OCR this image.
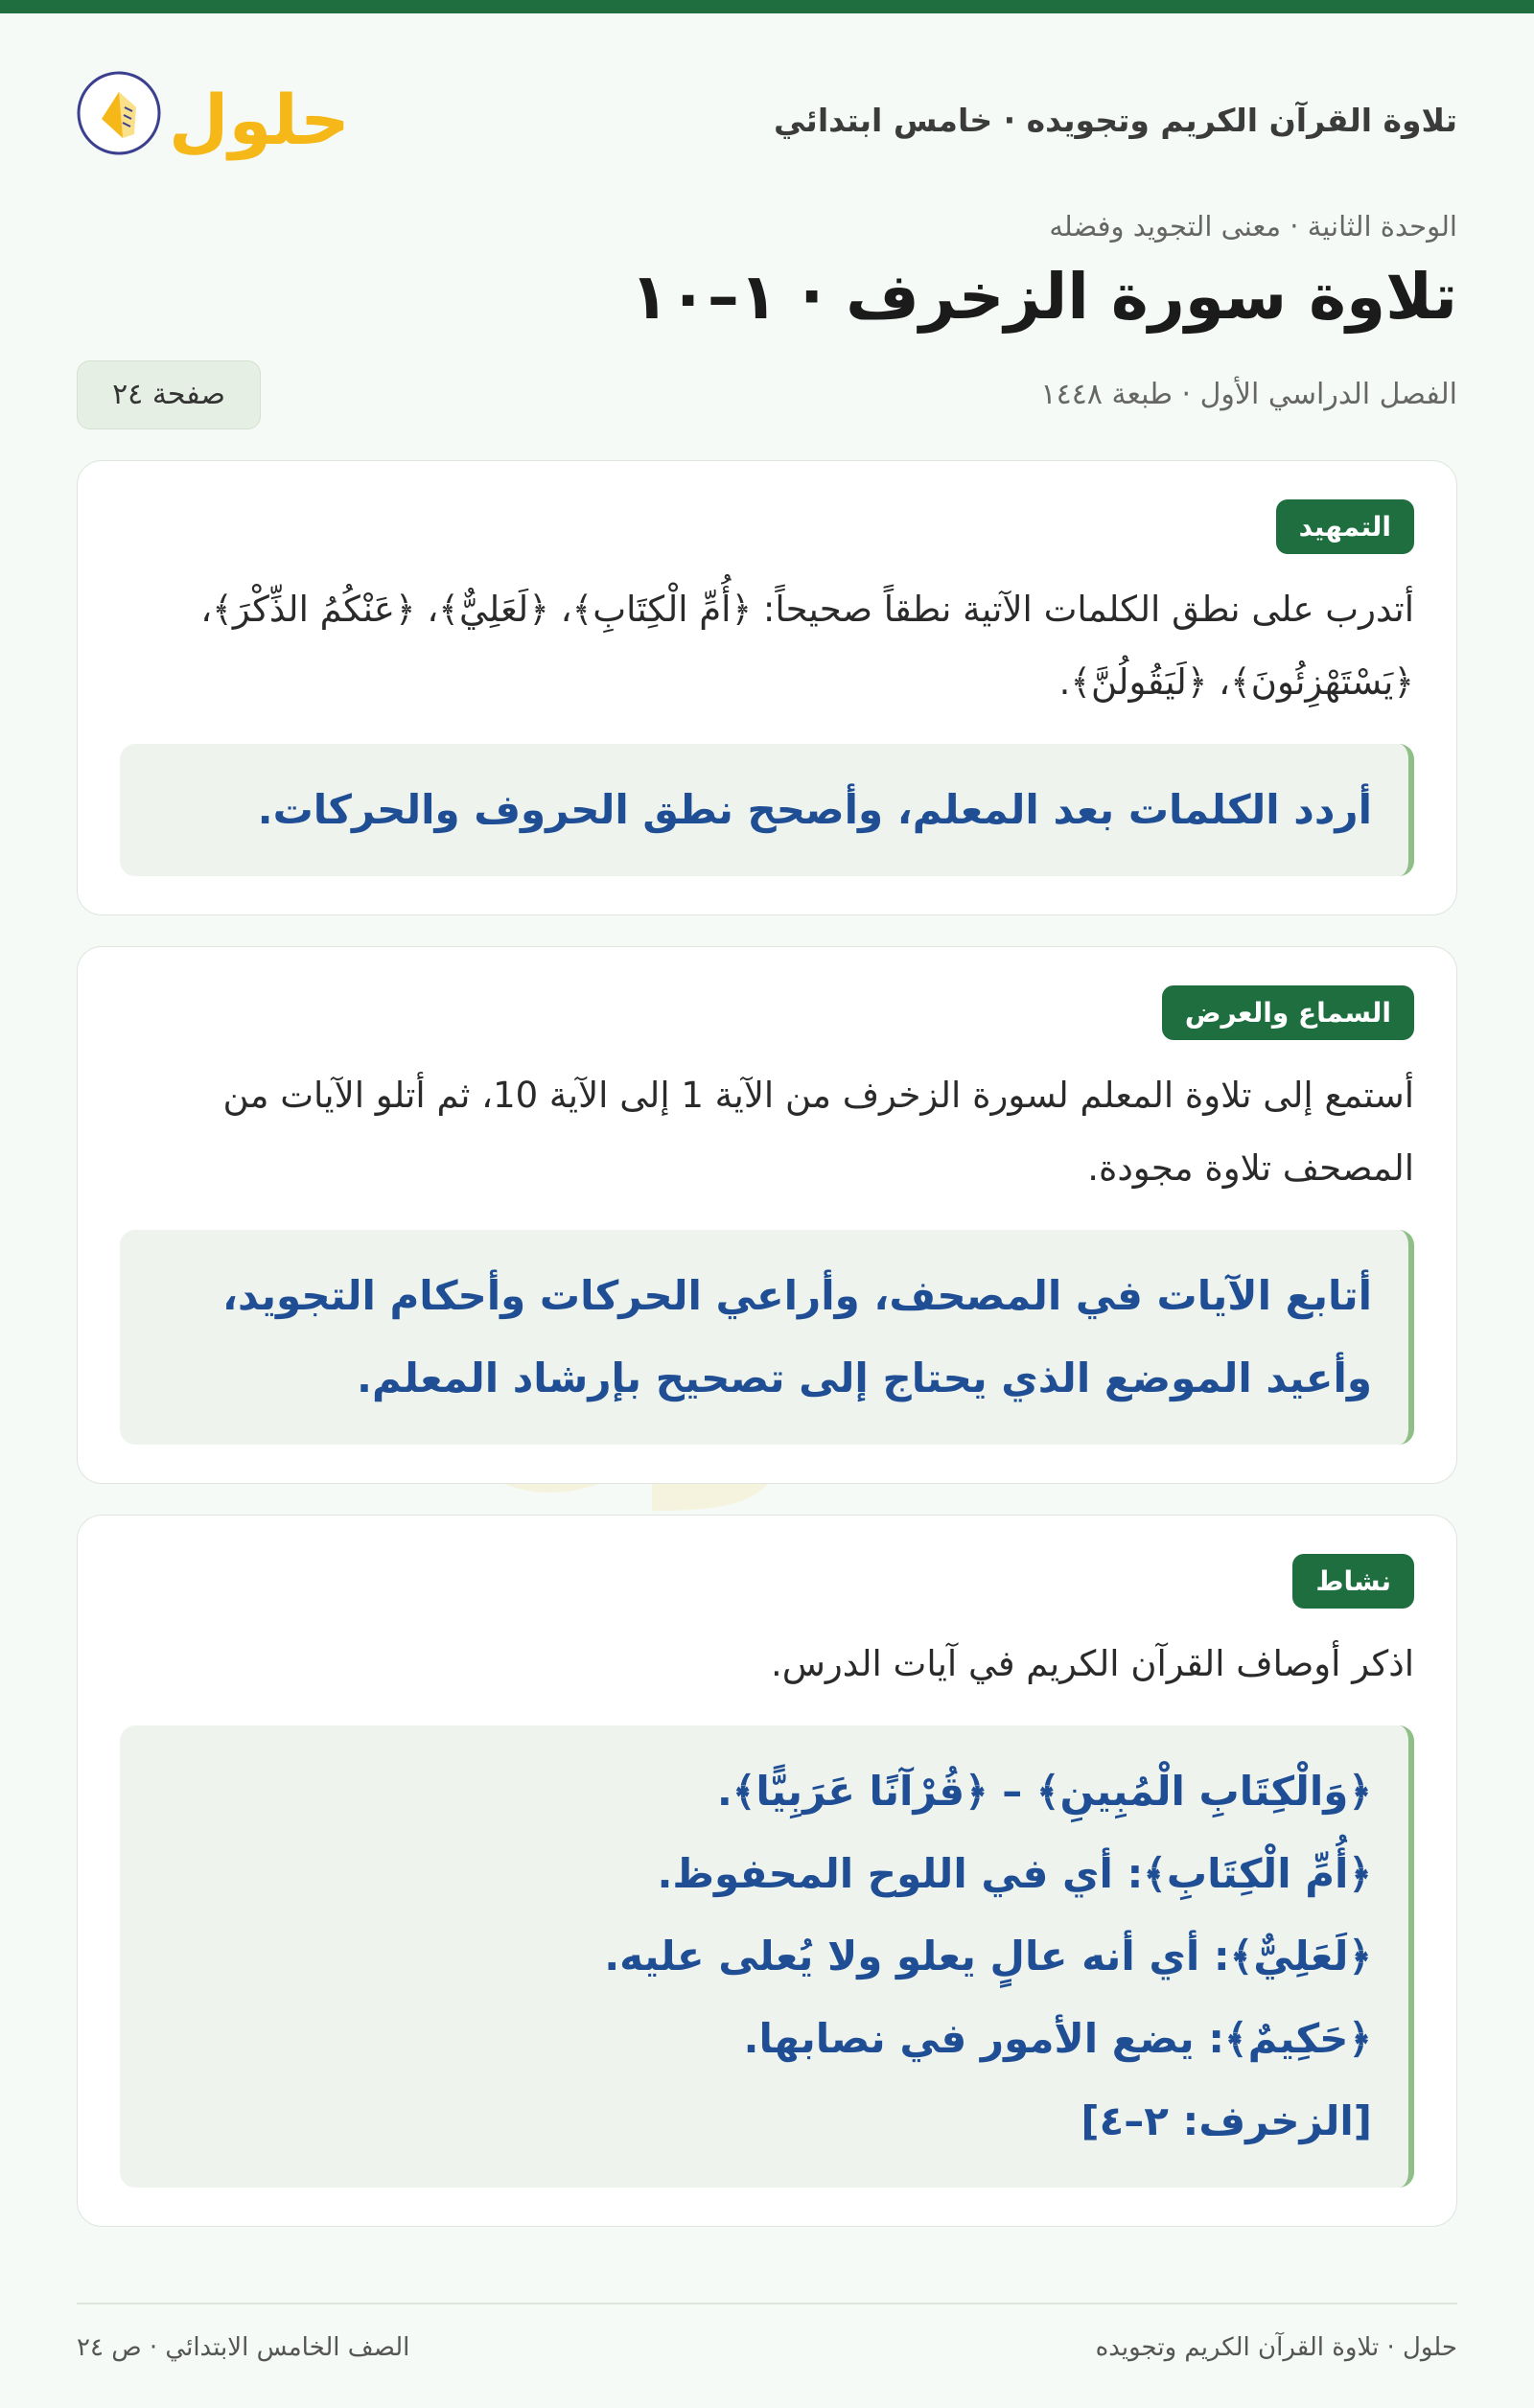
حلول	تلاوة القرآن الكريم وتجويده · خامس ابتدائي

الوحدة الثانية · معنى التجويد وفضله

تلاوة سورة الزخرف · ١–١٠
الفصل الدراسي الأول · طبعة ١٤٤٨
صفحة ٢٤
التمهيد

أتدرب على نطق الكلمات الآتية نطقاً صحيحاً: ﴿أُمِّ الْكِتَابِ﴾، ﴿لَعَلِيٌّ﴾، ﴿عَنْكُمُ الذِّكْرَ﴾، ﴿يَسْتَهْزِئُونَ﴾، ﴿لَيَقُولُنَّ﴾.

أردد الكلمات بعد المعلم، وأصحح نطق الحروف والحركات.

السماع والعرض

أستمع إلى تلاوة المعلم لسورة الزخرف من الآية 1 إلى الآية 10، ثم أتلو الآيات من المصحف تلاوة مجودة.

أتابع الآيات في المصحف، وأراعي الحركات وأحكام التجويد، وأعيد الموضع الذي يحتاج إلى تصحيح بإرشاد المعلم.

نشاط

اذكر أوصاف القرآن الكريم في آيات الدرس.

﴿وَالْكِتَابِ الْمُبِينِ﴾ – ﴿قُرْآنًا عَرَبِيًّا﴾.

﴿أُمِّ الْكِتَابِ﴾: أي في اللوح المحفوظ.

﴿لَعَلِيٌّ﴾: أي أنه عالٍ يعلو ولا يُعلى عليه.

﴿حَكِيمٌ﴾: يضع الأمور في نصابها.

[الزخرف: ٢–٤]

حلول · تلاوة القرآن الكريم وتجويده
الصف الخامس الابتدائي · ص ٢٤
